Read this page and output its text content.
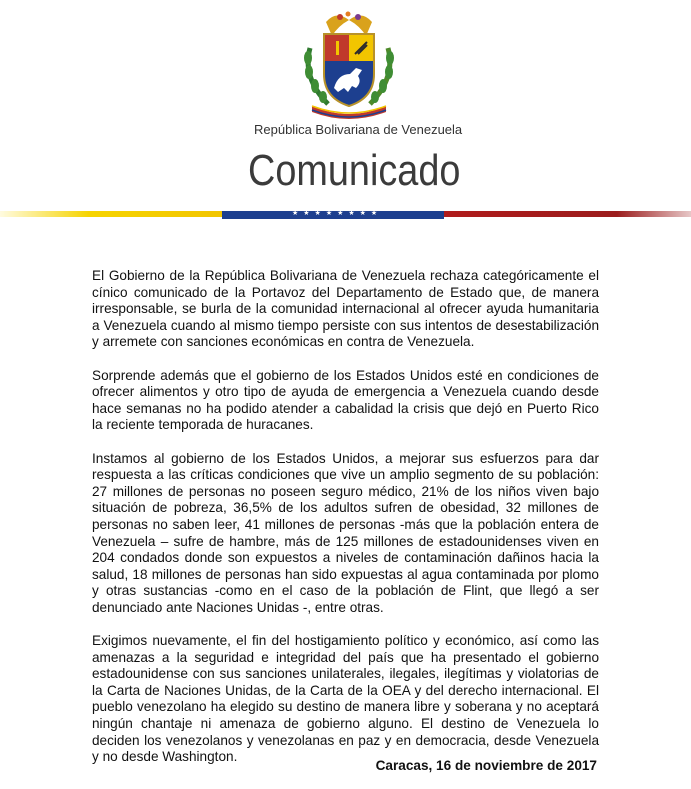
República Bolivariana de Venezuela
Comunicado
★★★★★★★★

El Gobierno de la República Bolivariana de Venezuela rechaza categóricamente el cínico comunicado de la Portavoz del Departamento de Estado que, de manera irresponsable, se burla de la comunidad internacional al ofrecer ayuda humanitaria a Venezuela cuando al mismo tiempo persiste con sus intentos de desestabilización y arremete con sanciones económicas en contra de Venezuela.

Sorprende además que el gobierno de los Estados Unidos esté en condiciones de ofrecer alimentos y otro tipo de ayuda de emergencia a Venezuela cuando desde hace semanas no ha podido atender a cabalidad la crisis que dejó en Puerto Rico la reciente temporada de huracanes.

Instamos al gobierno de los Estados Unidos, a mejorar sus esfuerzos para dar respuesta a las críticas condiciones que vive un amplio segmento de su población: 27 millones de personas no poseen seguro médico, 21% de los niños viven bajo situación de pobreza, 36,5% de los adultos sufren de obesidad, 32 millones de personas no saben leer, 41 millones de personas -más que la población entera de Venezuela – sufre de hambre, más de 125 millones de estadounidenses viven en 204 condados donde son expuestos a niveles de contaminación dañinos hacia la salud, 18 millones de personas han sido expuestas al agua contaminada por plomo y otras sustancias -como en el caso de la población de Flint, que llegó a ser denunciado ante Naciones Unidas -, entre otras.

Exigimos nuevamente, el fin del hostigamiento político y económico, así como las amenazas a la seguridad e integridad del país que ha presentado el gobierno estadounidense con sus sanciones unilaterales, ilegales, ilegítimas y violatorias de la Carta de Naciones Unidas, de la Carta de la OEA y del derecho internacional. El pueblo venezolano ha elegido su destino de manera libre y soberana y no aceptará ningún chantaje ni amenaza de gobierno alguno. El destino de Venezuela lo deciden los venezolanos y venezolanas en paz y en democracia, desde Venezuela y no desde Washington.

Caracas, 16 de noviembre de 2017
